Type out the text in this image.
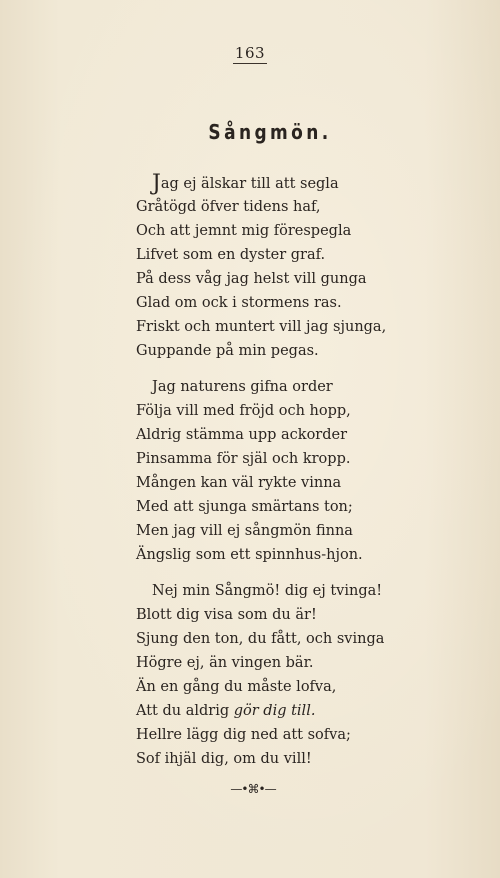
163
Sångmön.
Jag ej älskar till att segla
Gråtögd öfver tidens haf,
Och att jemnt mig förespegla
Lifvet som en dyster graf.
På dess våg jag helst vill gunga
Glad om ock i stormens ras.
Friskt och muntert vill jag sjunga,
Guppande på min pegas.
Jag naturens gifna order
Följa vill med fröjd och hopp,
Aldrig stämma upp ackorder
Pinsamma för själ och kropp.
Mången kan väl rykte vinna
Med att sjunga smärtans ton;
Men jag vill ej sångmön finna
Ängslig som ett spinnhus-hjon.
Nej min Sångmö! dig ej tvinga!
Blott dig visa som du är!
Sjung den ton, du fått, och svinga
Högre ej, än vingen bär.
Än en gång du måste lofva,
Att du aldrig gör dig till.
Hellre lägg dig ned att sofva;
Sof ihjäl dig, om du vill!
—•⌘•—
